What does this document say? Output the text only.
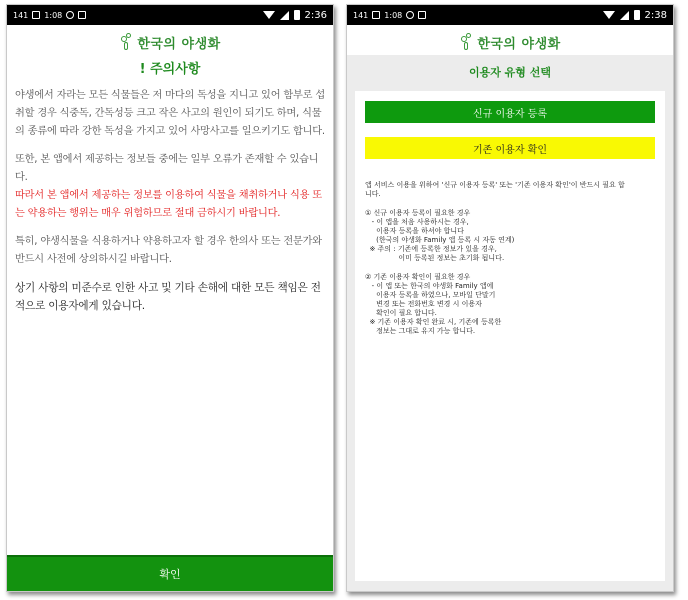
141 1:08	2:36
한국의 야생화
! 주의사항

야생에서 자라는 모든 식물들은 저 마다의 독성을 지니고 있어 함부로 섭취할 경우 식중독, 간독성등 크고 작은 사고의 원인이 되기도 하며, 식물의 종류에 따라 강한 독성을 가지고 있어 사망사고를 일으키기도 합니다.

또한, 본 앱에서 제공하는 정보들 중에는 일부 오류가 존재할 수 있습니다.

따라서 본 앱에서 제공하는 정보를 이용하여 식물을 채취하거나 식용 또는 약용하는 행위는 매우 위험하므로 절대 금하시기 바랍니다.

특히, 야생식물을 식용하거나 약용하고자 할 경우 한의사 또는 전문가와 반드시 사전에 상의하시길 바랍니다.

상기 사항의 미준수로 인한 사고 및 기타 손해에 대한 모든 책임은 전적으로 이용자에게 있습니다.

확인
141 1:08	2:38
한국의 야생화
이용자 유형 선택
신규 이용자 등록
기존 이용자 확인
앱 서비스 이용을 위하여 '신규 이용자 등록' 또는 '기존 이용자 확인'이 반드시 필요 합
니다.
① 신규 이용자 등록이 필요한 경우
- 이 앱을 처음 사용하시는 경우,
이용자 등록을 하셔야 합니다
(한국의 야생화 Family 앱 등록 시 자동 연계)
※ 주의 : 기존에 등록한 정보가 있을 경우,
이미 등록된 정보는 초기화 됩니다.
② 기존 이용자 확인이 필요한 경우
- 이 앱 또는 한국의 야생화 Family 앱에
이용자 등록을 하였으나, 모바일 단말기
변경 또는 전화번호 변경 시 이용자
확인이 필요 합니다.
※ 기존 이용자 확인 완료 시, 기존에 등록한
정보는 그대로 유지 가능 합니다.
